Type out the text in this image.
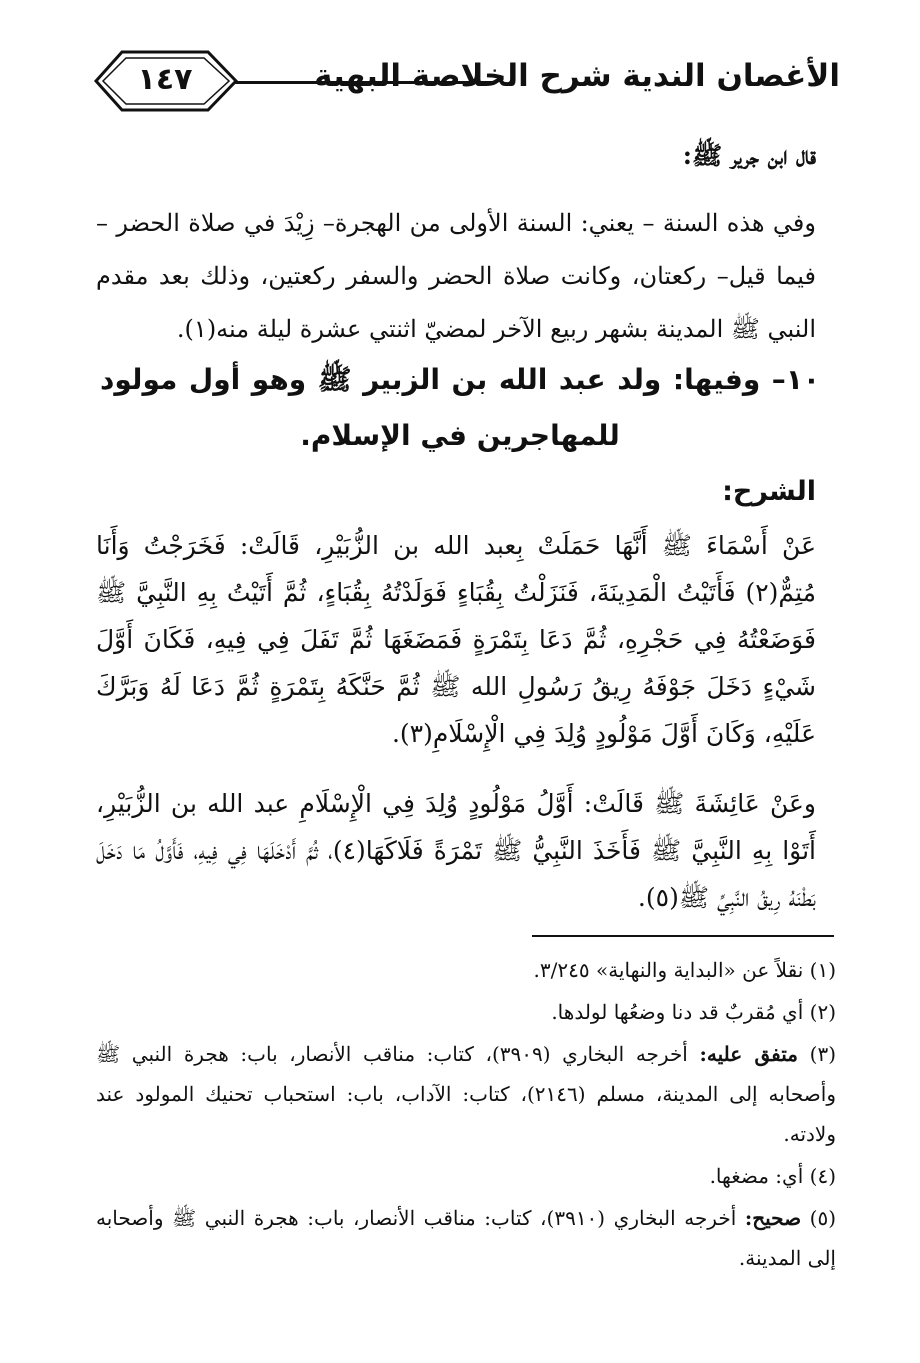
١٤٧	الأغصان الندية شرح الخلاصة البهية
قال ابن جرير ﷺ:

وفي هذه السنة – يعني: السنة الأولى من الهجرة– زِيْدَ في صلاة الحضر – فيما قيل– ركعتان، وكانت صلاة الحضر والسفر ركعتين، وذلك بعد مقدم النبي ﷺ المدينة بشهر ربيع الآخر لمضيّ اثنتي عشرة ليلة منه(١).

١٠– وفيها: ولد عبد الله بن الزبير ﷺ وهو أول مولود للمهاجرين في الإسلام.
الشرح:

عَنْ أَسْمَاءَ ﷺ أَنَّهَا حَمَلَتْ بِعبد الله بن الزُّبَيْرِ، قَالَتْ: فَخَرَجْتُ وَأَنَا مُتِمٌّ(٢) فَأَتَيْتُ الْمَدِينَةَ، فَنَزَلْتُ بِقُبَاءٍ فَوَلَدْتُهُ بِقُبَاءٍ، ثُمَّ أَتَيْتُ بِهِ النَّبِيَّ ﷺ فَوَضَعْتُهُ فِي حَجْرِهِ، ثُمَّ دَعَا بِتَمْرَةٍ فَمَضَغَهَا ثُمَّ تَفَلَ فِي فِيهِ، فَكَانَ أَوَّلَ شَيْءٍ دَخَلَ جَوْفَهُ رِيقُ رَسُولِ الله ﷺ ثُمَّ حَنَّكَهُ بِتَمْرَةٍ ثُمَّ دَعَا لَهُ وَبَرَّكَ عَلَيْهِ، وَكَانَ أَوَّلَ مَوْلُودٍ وُلِدَ فِي الْإِسْلَامِ(٣).

وعَنْ عَائِشَةَ ﷺ قَالَتْ: أَوَّلُ مَوْلُودٍ وُلِدَ فِي الْإِسْلَامِ عبد الله بن الزُّبَيْرِ، أَتَوْا بِهِ النَّبِيَّ ﷺ فَأَخَذَ النَّبِيُّ ﷺ تَمْرَةً فَلَاكَهَا(٤)، ثُمَّ أَدْخَلَهَا فِي فِيهِ، فَأَوَّلُ مَا دَخَلَ بَطْنَهُ رِيقُ النَّبِيِّ ﷺ(٥).

(١) نقلاً عن «البداية والنهاية» ٣/٢٤٥.

(٢) أي مُقربٌ قد دنا وضعُها لولدها.

(٣) متفق عليه: أخرجه البخاري (٣٩٠٩)، كتاب: مناقب الأنصار، باب: هجرة النبي ﷺ وأصحابه إلى المدينة، مسلم (٢١٤٦)، كتاب: الآداب، باب: استحباب تحنيك المولود عند ولادته.

(٤) أي: مضغها.

(٥) صحيح: أخرجه البخاري (٣٩١٠)، كتاب: مناقب الأنصار، باب: هجرة النبي ﷺ وأصحابه إلى المدينة.
